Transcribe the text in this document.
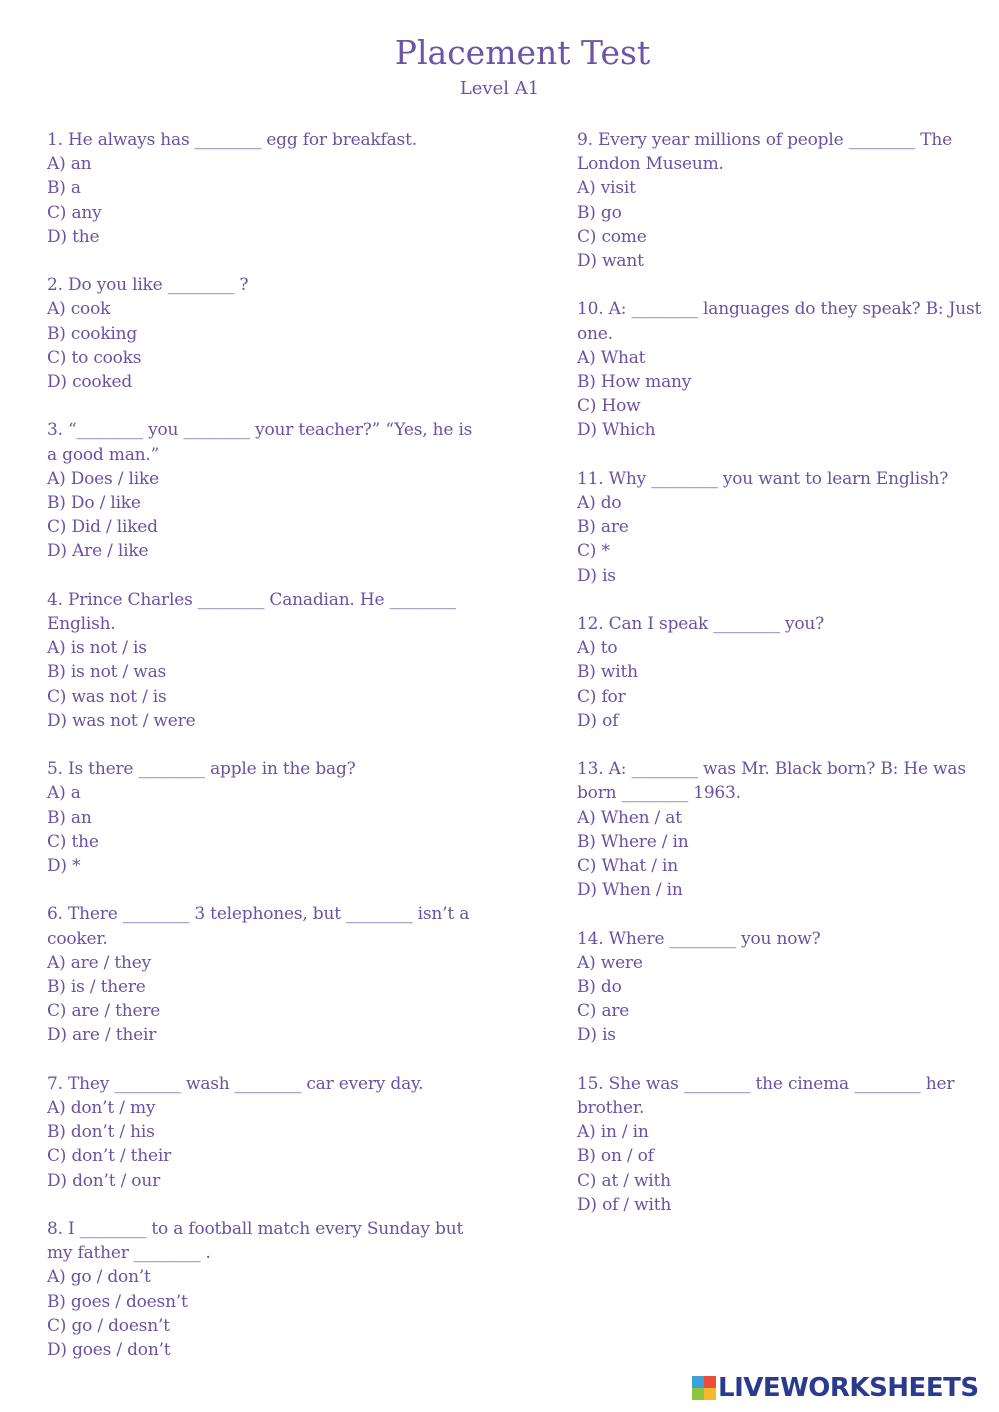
Placement Test
Level A1
1. He always has ________ egg for breakfast.
A) an
B) a
C) any
D) the
2. Do you like ________ ?
A) cook
B) cooking
C) to cooks
D) cooked
3. “________ you ________ your teacher?” “Yes, he is a good man.”
A) Does / like
B) Do / like
C) Did / liked
D) Are / like
4. Prince Charles ________ Canadian. He ________ English.
A) is not / is
B) is not / was
C) was not / is
D) was not / were
5. Is there ________ apple in the bag?
A) a
B) an
C) the
D) *
6. There ________ 3 telephones, but ________ isn’t a cooker.
A) are / they
B) is / there
C) are / there
D) are / their
7. They ________ wash ________ car every day.
A) don’t / my
B) don’t / his
C) don’t / their
D) don’t / our
8. I ________ to a football match every Sunday but my father ________ .
A) go / don’t
B) goes / doesn’t
C) go / doesn’t
D) goes / don’t
9. Every year millions of people ________ The London Museum.
A) visit
B) go
C) come
D) want
10. A: ________ languages do they speak? B: Just one.
A) What
B) How many
C) How
D) Which
11. Why ________ you want to learn English?
A) do
B) are
C) *
D) is
12. Can I speak ________ you?
A) to
B) with
C) for
D) of
13. A: ________ was Mr. Black born? B: He was born ________ 1963.
A) When / at
B) Where / in
C) What / in
D) When / in
14. Where ________ you now?
A) were
B) do
C) are
D) is
15. She was ________ the cinema ________ her brother.
A) in / in
B) on / of
C) at / with
D) of / with
LIVEWORKSHEETS
